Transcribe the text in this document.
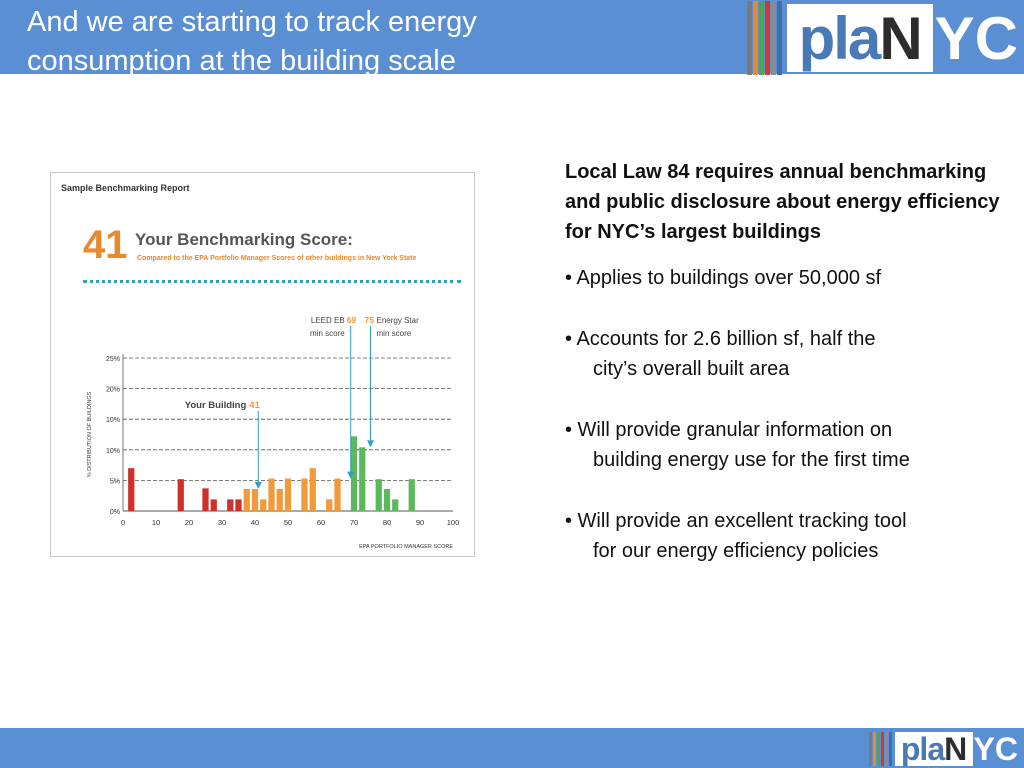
And we are starting to track energy
consumption at the building scale	pla N YC
Sample Benchmarking Report
41 Your Benchmarking Score:
Compared to the EPA Portfolio Manager Scores of other buildings in New York State
0%
5%
10%
10%
20%
25%
0	10	20	30	40	50	60	70	80	90	100
EPA PORTFOLIO MANAGER SCORE
% DISTRIBUTION OF BUILDINGS	Your Building 41
LEED EB
min score
69 75 Energy Star
min score
Local Law 84 requires annual benchmarking and public disclosure about energy efficiency for NYC’s largest buildings
• Applies to buildings over 50,000 sf
• Accounts for 2.6 billion sf, half the
city’s overall built area
• Will provide granular information on
building energy use for the first time
• Will provide an excellent tracking tool
for our energy efficiency policies
pla N YC
